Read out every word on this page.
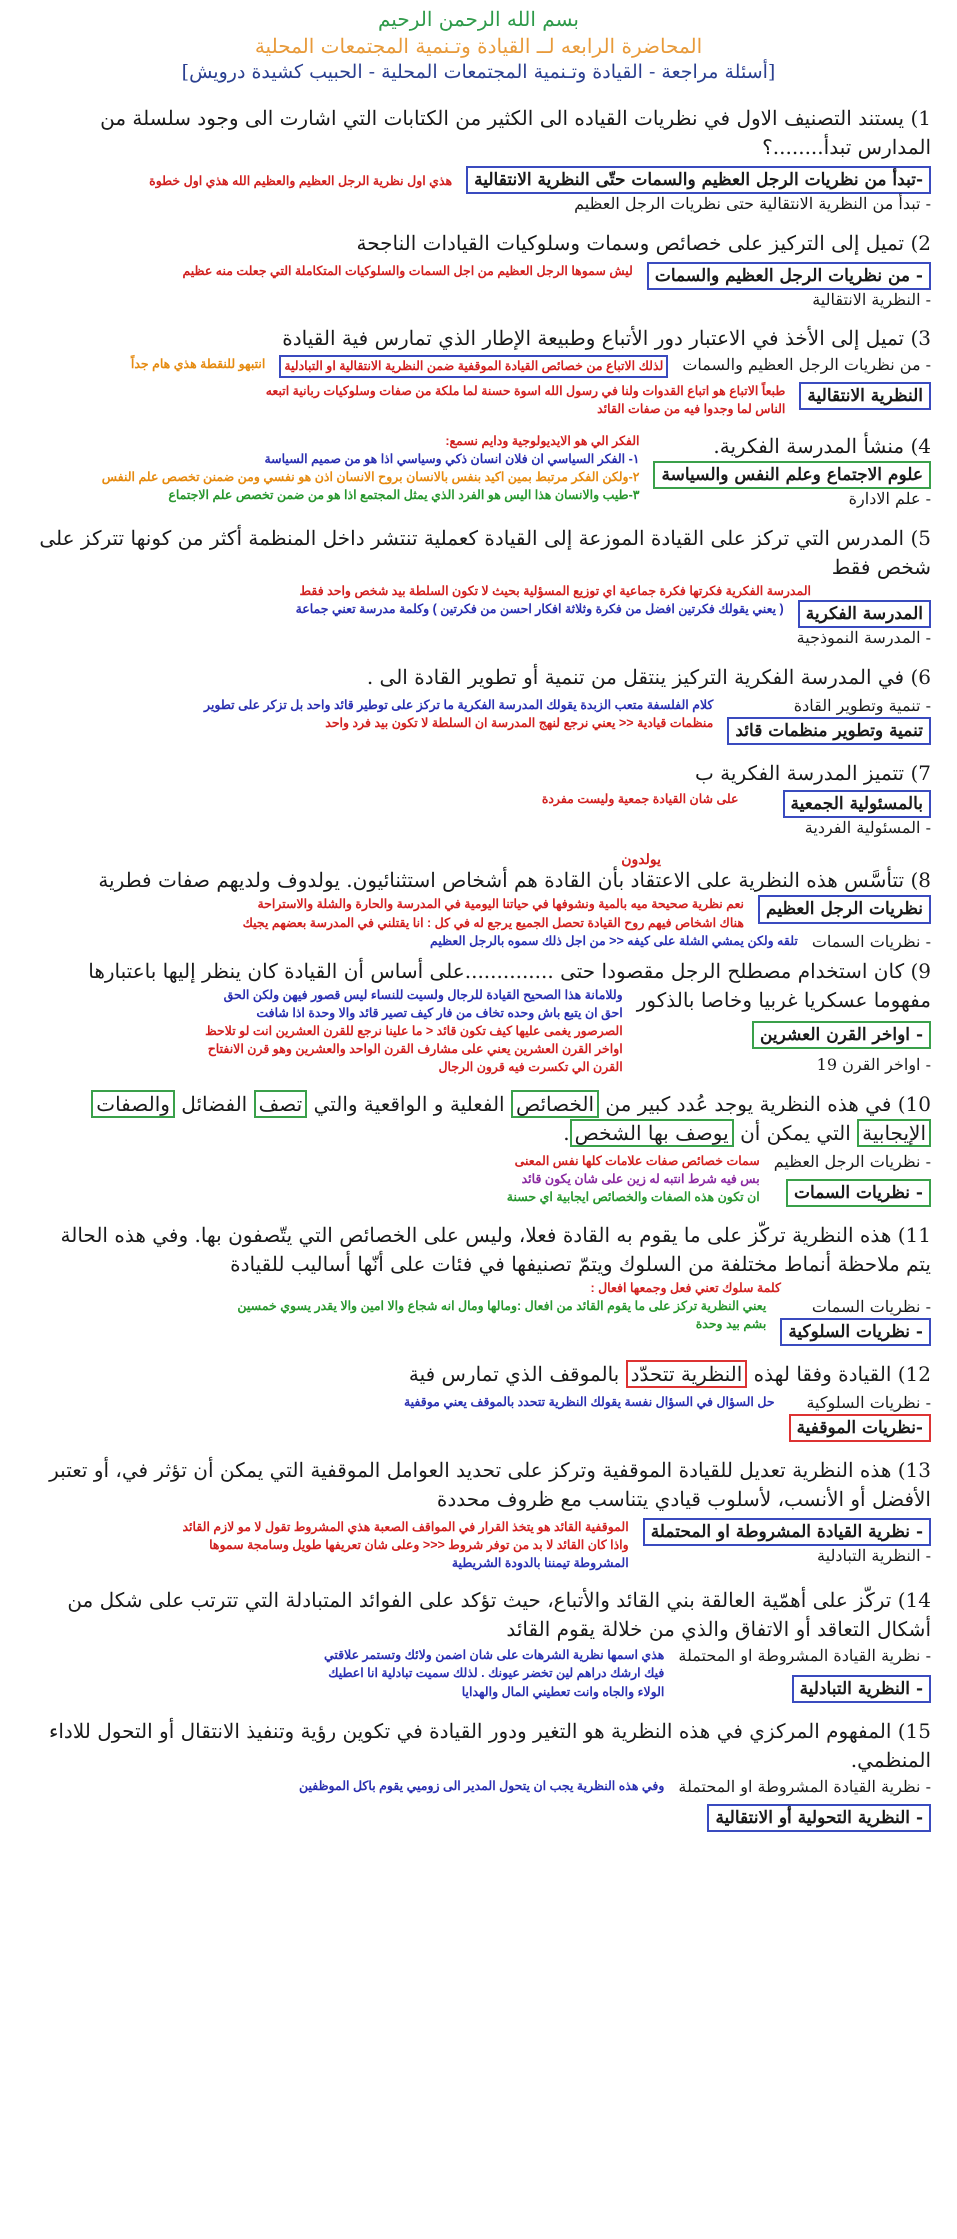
بسم الله الرحمن الرحيم
المحاضرة الرابعه لــ القيادة وتـنمية المجتمعات المحلية
[أسئلة مراجعة - القيادة وتـنمية المجتمعات المحلية - الحبيب كشيدة درويش]
1) يستند التصنيف الاول في نظريات القياده الى الكثير من الكتابات التي اشارت الى وجود سلسلة من المدارس تبدأ........؟
-تبدأ من نظريات الرجل العظيم والسمات حتّى النظرية الانتقالية
هذي اول نظرية الرجل العظيم والعظيم الله هذي اول خطوة
- تبدأ من النظرية الانتقالية حتى نظريات الرجل العظيم
2) تميل إلى التركيز على خصائص وسمات وسلوكيات القيادات الناجحة
- من نظريات الرجل العظيم والسمات
ليش سموها الرجل العظيم من اجل السمات والسلوكيات المتكاملة التي جعلت منه عظيم
- النظرية الانتقالية
3) تميل إلى الأخذ في الاعتبار دور الأتباع وطبيعة الإطار الذي تمارس فية القيادة
- من نظريات الرجل العظيم والسمات
لذلك الاتباع من خصائص القيادة الموقفية ضمن النظرية الانتقالية او التبادلية
انتبهو للنقطة هذي هام جداً
النظرية الانتقالية
طبعاً الاتباع هو اتباع القدوات ولنا في رسول الله اسوة حسنة لما ملكة من صفات وسلوكيات ربانية اتبعه الناس لما وجدوا فيه من صفات القائد
4) منشأ المدرسة الفكرية.
علوم الاجتماع وعلم النفس والسياسة
- علم الادارة
الفكر الي هو الايديولوجية ودايم نسمع:
١- الفكر السياسي ان فلان انسان ذكي وسياسي اذا هو من صميم السياسة
٢-ولكن الفكر مرتبط بمين اكيد بنفس بالانسان بروح الانسان اذن هو نفسي ومن ضمنن تخصص علم النفس
٣-طيب والانسان هذا اليس هو الفرد الذي يمثل المجتمع اذا هو من ضمن تخصص علم الاجتماع
5) المدرس التي تركز على القيادة الموزعة إلى القيادة كعملية تنتشر داخل المنظمة أكثر من كونها تتركز على شخص فقط
المدرسة الفكرية فكرتها فكرة جماعية اي توزيع المسؤلية بحيث لا تكون السلطة بيد شخص واحد فقط
المدرسة الفكرية
( يعني يقولك فكرتين افضل من فكرة وثلاثة افكار احسن من فكرتين ) وكلمة مدرسة تعني جماعة
- المدرسة النموذجية
6) في المدرسة الفكرية التركيز ينتقل من تنمية أو تطوير القادة الى .
- تنمية وتطوير القادة
تنمية وتطوير منظمات قائد
كلام الفلسفة متعب الزبدة يقولك المدرسة الفكرية ما تركز على توطير قائد واحد بل تزكر على تطوير
منظمات قيادية << يعني نرجع لنهج المدرسة ان السلطة لا تكون بيد فرد واحد
7) تتميز المدرسة الفكرية ب
بالمسئولية الجمعية
على شان القيادة جمعية وليست مفردة
- المسئولية الفردية
يولدون
8) تتأسَّس هذه النظرية على الاعتقاد بأن القادة هم أشخاص استثنائيون. يولدوف ولديهم صفات فطرية
نظريات الرجل العظيم
نعم نظرية صحيحة ميه بالمية ونشوفها في حياتنا اليومية في المدرسة والحارة والشلة والاستراحة
هناك اشخاص فيهم روح القيادة تحصل الجميع يرجع له في كل : انا يقتلني في المدرسة بعضهم يجيك
- نظريات السمات
تلقه ولكن يمشي الشلة على كيفه << من اجل ذلك سموه بالرجل العظيم
9) كان استخدام مصطلح الرجل مقصودا حتى ..............على أساس أن القيادة كان ينظر إليها باعتبارها
مفهوما عسكريا غربيا وخاصا بالذكور
- اواخر القرن العشرين
- اواخر القرن 19
وللامانة هذا الصحيح القيادة للرجال ولسيت للنساء ليس قصور فيهن ولكن الحق
احق ان يتبع باش وحده تخاف من فار كيف تصير قائد والا وحدة اذا شافت
الصرصور يغمى عليها كيف تكون قائد < ما علينا نرجع للقرن العشرين انت لو تلاحظ
اواخر القرن العشرين يعني على مشارف القرن الواحد والعشرين وهو قرن الانفتاح
القرن الي تكسرت فيه قرون الرجال
10) في هذه النظرية يوجد عُدد كبير من الخصائص الفعلية و الواقعية والتي تصف الفضائل والصفات الإيجابية التي يمكن أن يوصف بها الشخص.
- نظريات الرجل العظيم
- نظريات السمات
سمات خصائص صفات علامات كلها نفس المعنى
بس فيه شرط انتبه له زين على شان يكون قائد
ان تكون هذه الصفات والخصائص ايجابية اي حسنة
11) هذه النظرية تركّز على ما يقوم به القادة فعلا، وليس على الخصائص التي يتّصفون بها. وفي هذه الحالة يتم ملاحظة أنماط مختلفة من السلوك ويتمّ تصنيفها في فئات على أنّها أساليب للقيادة
كلمة سلوك تعني فعل وجمعها افعال :
- نظريات السمات
- نظريات السلوكية
يعني النظرية تركز على ما يقوم القائد من افعال :ومالها ومال انه شجاع والا امين والا يقدر يسوي خمسين
بشم بيد وحدة
12) القيادة وفقا لهذه النظرية تتحدّد بالموقف الذي تمارس فية
- نظريات السلوكية
-نظريات الموقفية
حل السؤال في السؤال نفسة يقولك النظرية تتحدد بالموقف يعني موقفية
13) هذه النظرية تعديل للقيادة الموقفية وتركز على تحديد العوامل الموقفية التي يمكن أن تؤثر في، أو تعتبر الأفضل أو الأنسب، لأسلوب قيادي يتناسب مع ظروف محددة
- نظرية القيادة المشروطة او المحتملة
- النظرية التبادلية
الموقفية القائد هو يتخذ القرار في المواقف الصعبة هذي المشروط تقول لا مو لازم القائد
واذا كان القائد لا بد من توفر شروط <<< وعلى شان تعريفها طويل وسامجة سموها
المشروطة تيمننا بالدودة الشريطية
14) تركّز على أهمّية العالقة بني القائد والأتباع، حيث تؤكد على الفوائد المتبادلة التي تترتب على شكل من أشكال التعاقد أو الاتفاق والذي من خلالة يقوم القائد
- نظرية القيادة المشروطة او المحتملة
- النظرية التبادلية
هذي اسمها نظرية الشرهات على شان اضمن ولائك وتستمر علاقتي
فيك ارشك دراهم لين تخضر عيونك . لذلك سميت تبادلية انا اعطيك
الولاء والجاه وانت تعطيني المال والهدايا
15) المفهوم المركزي في هذه النظرية هو التغير ودور القيادة في تكوين رؤية وتنفيذ الانتقال أو التحول للاداء المنظمي.
- نظرية القيادة المشروطة او المحتملة
- النظرية التحولية أو الانتقالية
وفي هذه النظرية يجب ان يتحول المدير الى زوميي يقوم باكل الموظفين
